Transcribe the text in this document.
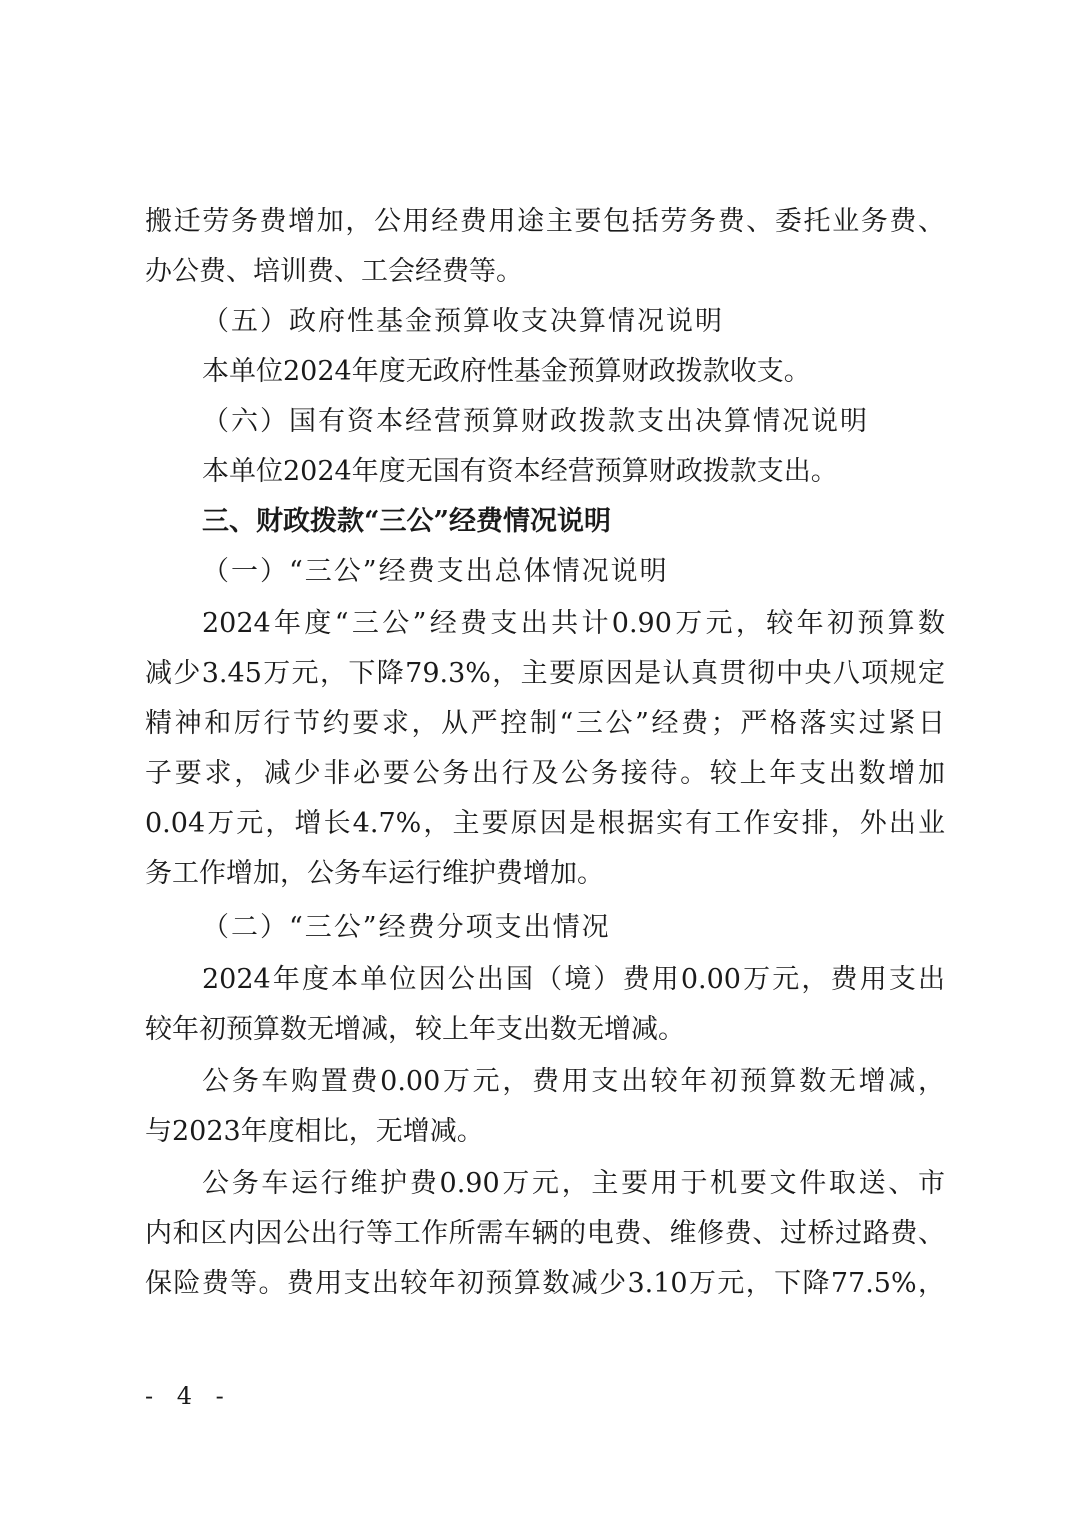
搬迁劳务费增加，公用经费用途主要包括劳务费、委托业务费、
办公费、培训费、工会经费等。
（五）政府性基金预算收支决算情况说明
本单位2024年度无政府性基金预算财政拨款收支。
（六）国有资本经营预算财政拨款支出决算情况说明
本单位2024年度无国有资本经营预算财政拨款支出。
三、财政拨款“三公”经费情况说明
（一）“三公”经费支出总体情况说明
2024年度“三公”经费支出共计0.90万元，较年初预算数
减少3.45万元，下降79.3%，主要原因是认真贯彻中央八项规定
精神和厉行节约要求，从严控制“三公”经费；严格落实过紧日
子要求，减少非必要公务出行及公务接待。较上年支出数增加
0.04万元，增长4.7%，主要原因是根据实有工作安排，外出业
务工作增加，公务车运行维护费增加。
（二）“三公”经费分项支出情况
2024年度本单位因公出国（境）费用0.00万元，费用支出
较年初预算数无增减，较上年支出数无增减。
公务车购置费0.00万元，费用支出较年初预算数无增减，
与2023年度相比，无增减。
公务车运行维护费0.90万元，主要用于机要文件取送、市
内和区内因公出行等工作所需车辆的电费、维修费、过桥过路费、
保险费等。费用支出较年初预算数减少3.10万元，下降77.5%，
- 4 -
